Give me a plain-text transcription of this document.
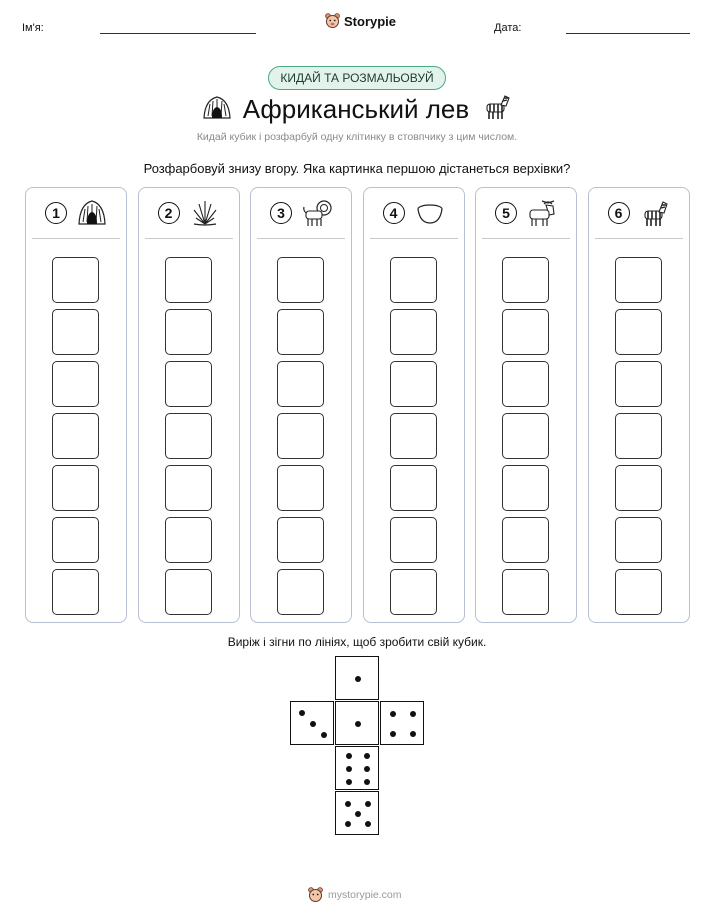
Ім'я:	Storypie	Дата:
КИДАЙ ТА РОЗМАЛЬОВУЙ
Африканський лев
Кидай кубик і розфарбуй одну клітинку в стовпчику з цим числом.
Розфарбовуй знизу вгору. Яка картинка першою дістанеться верхівки?
1	2	3	4	5	6
Виріж і зігни по лініях, щоб зробити свій кубик.
mystorypie.com
